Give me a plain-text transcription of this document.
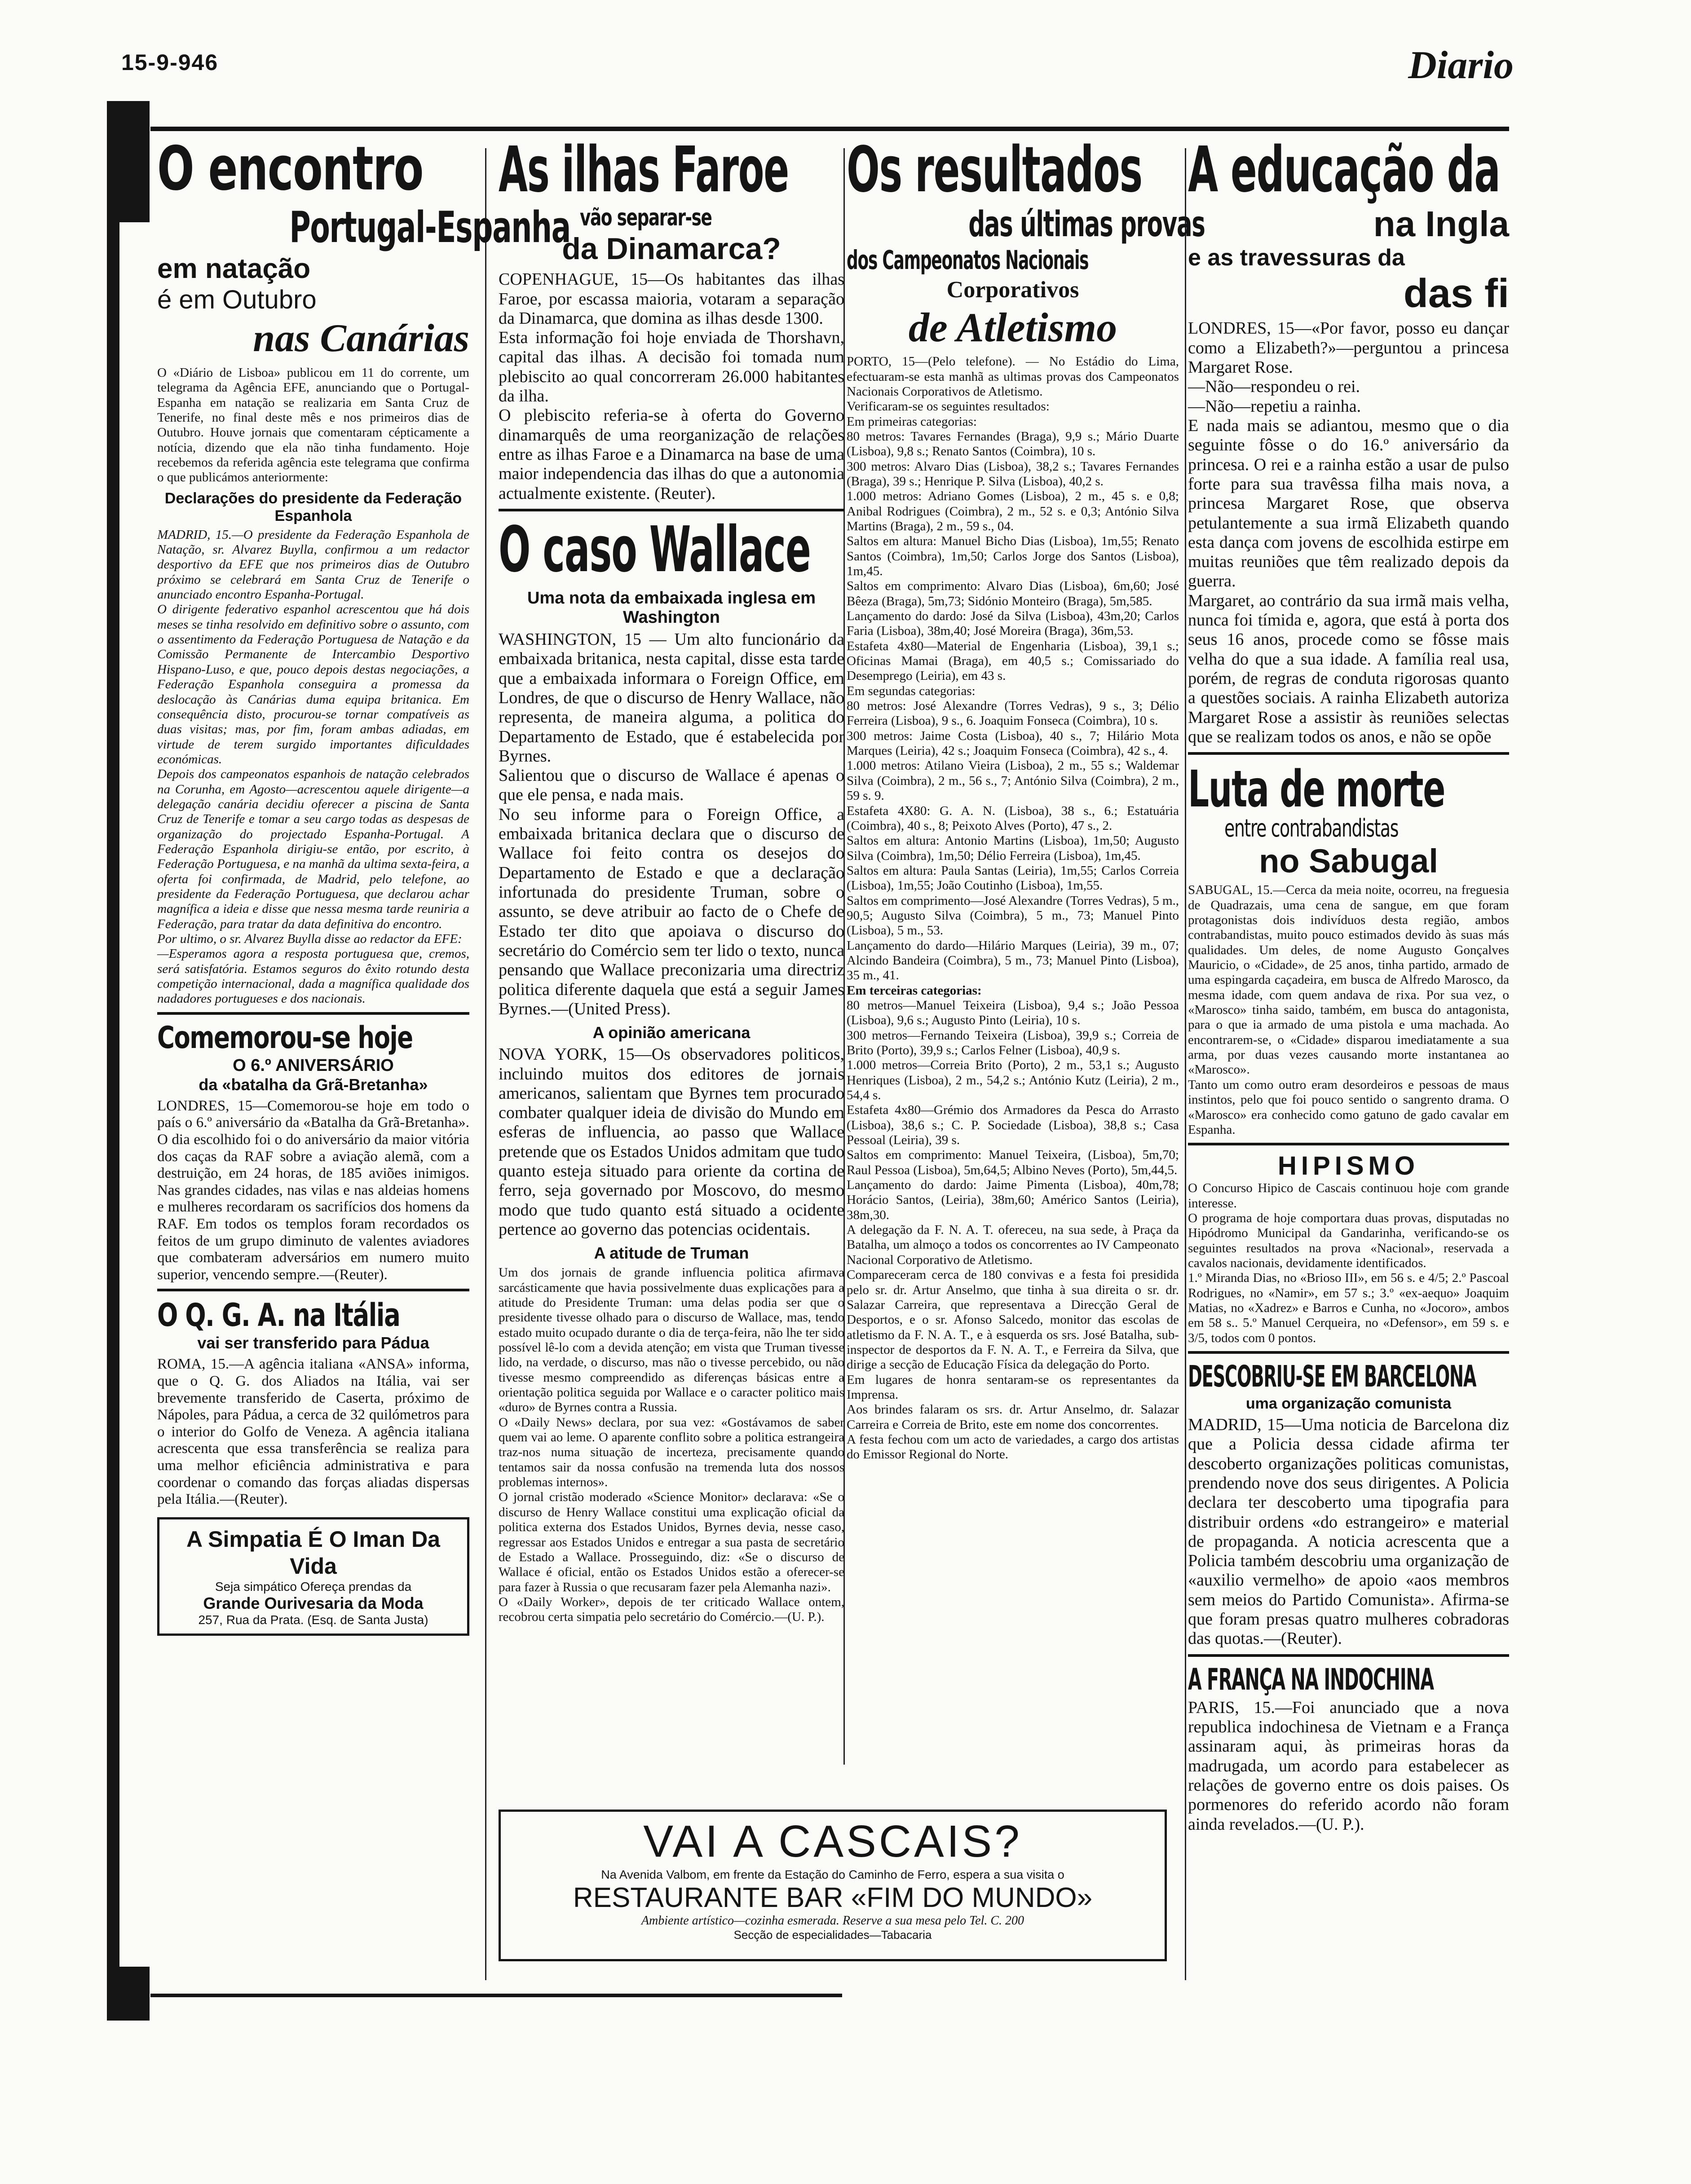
15-9-946	Diario
O encontro
Portugal-Espanha
em natação
é em Outubro
nas Canárias

O «Diário de Lisboa» publicou em 11 do corrente, um telegrama da Agência EFE, anunciando que o Portugal-Espanha em natação se realizaria em Santa Cruz de Tenerife, no final deste mês e nos primeiros dias de Outubro. Houve jornais que comentaram cépticamente a notícia, dizendo que ela não tinha fundamento. Hoje recebemos da referida agência este telegrama que confirma o que publicámos anteriormente:

Declarações do presidente da Federação Espanhola

MADRID, 15.—O presidente da Federação Espanhola de Natação, sr. Alvarez Buylla, confirmou a um redactor desportivo da EFE que nos primeiros dias de Outubro próximo se celebrará em Santa Cruz de Tenerife o anunciado encontro Espanha-Portugal.

O dirigente federativo espanhol acrescentou que há dois meses se tinha resolvido em definitivo sobre o assunto, com o assentimento da Federação Portuguesa de Natação e da Comissão Permanente de Intercambio Desportivo Hispano-Luso, e que, pouco depois destas negociações, a Federação Espanhola conseguira a promessa da deslocação às Canárias duma equipa britanica. Em consequência disto, procurou-se tornar compatíveis as duas visitas; mas, por fim, foram ambas adiadas, em virtude de terem surgido importantes dificuldades económicas.

Depois dos campeonatos espanhois de natação celebrados na Corunha, em Agosto—acrescentou aquele dirigente—a delegação canária decidiu oferecer a piscina de Santa Cruz de Tenerife e tomar a seu cargo todas as despesas de organização do projectado Espanha-Portugal. A Federação Espanhola dirigiu-se então, por escrito, à Federação Portuguesa, e na manhã da ultima sexta-feira, a oferta foi confirmada, de Madrid, pelo telefone, ao presidente da Federação Portuguesa, que declarou achar magnífica a ideia e disse que nessa mesma tarde reuniria a Federação, para tratar da data definitiva do encontro.

Por ultimo, o sr. Alvarez Buylla disse ao redactor da EFE:

—Esperamos agora a resposta portuguesa que, cremos, será satisfatória. Estamos seguros do êxito rotundo desta competição internacional, dada a magnífica qualidade dos nadadores portugueses e dos nacionais.

Comemorou-se hoje
O 6.º ANIVERSÁRIO
da «batalha da Grã-Bretanha»

LONDRES, 15—Comemorou-se hoje em todo o país o 6.º aniversário da «Batalha da Grã-Bretanha». O dia escolhido foi o do aniversário da maior vitória dos caças da RAF sobre a aviação alemã, com a destruição, em 24 horas, de 185 aviões inimigos. Nas grandes cidades, nas vilas e nas aldeias homens e mulheres recordaram os sacrifícios dos homens da RAF. Em todos os templos foram recordados os feitos de um grupo diminuto de valentes aviadores que combateram adversários em numero muito superior, vencendo sempre.—(Reuter).

O Q. G. A. na Itália
vai ser transferido para Pádua

ROMA, 15.—A agência italiana «ANSA» informa, que o Q. G. dos Aliados na Itália, vai ser brevemente transferido de Caserta, próximo de Nápoles, para Pádua, a cerca de 32 quilómetros para o interior do Golfo de Veneza. A agência italiana acrescenta que essa transferência se realiza para uma melhor eficiência administrativa e para coordenar o comando das forças aliadas dispersas pela Itália.—(Reuter).

A Simpatia É O Iman Da Vida
Seja simpático Ofereça prendas da
Grande Ourivesaria da Moda
257, Rua da Prata. (Esq. de Santa Justa)
As ilhas Faroe
vão separar-se
da Dinamarca?

COPENHAGUE, 15—Os habitantes das ilhas Faroe, por escassa maioria, votaram a separação da Dinamarca, que domina as ilhas desde 1300.

Esta informação foi hoje enviada de Thorshavn, capital das ilhas. A decisão foi tomada num plebiscito ao qual concorreram 26.000 habitantes da ilha.

O plebiscito referia-se à oferta do Governo dinamarquês de uma reorganização de relações entre as ilhas Faroe e a Dinamarca na base de uma maior independencia das ilhas do que a autonomia actualmente existente. (Reuter).

O caso Wallace
Uma nota da embaixada inglesa em Washington

WASHINGTON, 15 — Um alto funcionário da embaixada britanica, nesta capital, disse esta tarde que a embaixada informara o Foreign Office, em Londres, de que o discurso de Henry Wallace, não representa, de maneira alguma, a politica do Departamento de Estado, que é estabelecida por Byrnes.

Salientou que o discurso de Wallace é apenas o que ele pensa, e nada mais.

No seu informe para o Foreign Office, a embaixada britanica declara que o discurso de Wallace foi feito contra os desejos do Departamento de Estado e que a declaração infortunada do presidente Truman, sobre o assunto, se deve atribuir ao facto de o Chefe de Estado ter dito que apoiava o discurso do secretário do Comércio sem ter lido o texto, nunca pensando que Wallace preconizaria uma directriz politica diferente daquela que está a seguir James Byrnes.—(United Press).

A opinião americana

NOVA YORK, 15—Os observadores politicos, incluindo muitos dos editores de jornais americanos, salientam que Byrnes tem procurado combater qualquer ideia de divisão do Mundo em esferas de influencia, ao passo que Wallace pretende que os Estados Unidos admitam que tudo quanto esteja situado para oriente da cortina de ferro, seja governado por Moscovo, do mesmo modo que tudo quanto está situado a ocidente pertence ao governo das potencias ocidentais.

A atitude de Truman

Um dos jornais de grande influencia politica afirmava sarcásticamente que havia possivelmente duas explicações para a atitude do Presidente Truman: uma delas podia ser que o presidente tivesse olhado para o discurso de Wallace, mas, tendo estado muito ocupado durante o dia de terça-feira, não lhe ter sido possível lê-lo com a devida atenção; em vista que Truman tivesse lido, na verdade, o discurso, mas não o tivesse percebido, ou não tivesse mesmo compreendido as diferenças básicas entre a orientação politica seguida por Wallace e o caracter politico mais «duro» de Byrnes contra a Russia.

O «Daily News» declara, por sua vez: «Gostávamos de saber quem vai ao leme. O aparente conflito sobre a politica estrangeira traz-nos numa situação de incerteza, precisamente quando tentamos sair da nossa confusão na tremenda luta dos nossos problemas internos».

O jornal cristão moderado «Science Monitor» declarava: «Se o discurso de Henry Wallace constitui uma explicação oficial da politica externa dos Estados Unidos, Byrnes devia, nesse caso, regressar aos Estados Unidos e entregar a sua pasta de secretário de Estado a Wallace. Prosseguindo, diz: «Se o discurso de Wallace é oficial, então os Estados Unidos estão a oferecer-se para fazer à Russia o que recusaram fazer pela Alemanha nazi».

O «Daily Worker», depois de ter criticado Wallace ontem, recobrou certa simpatia pelo secretário do Comércio.—(U. P.).

Os resultados
das últimas provas
dos Campeonatos Nacionais
Corporativos
de Atletismo

PORTO, 15—(Pelo telefone). — No Estádio do Lima, efectuaram-se esta manhã as ultimas provas dos Campeonatos Nacionais Corporativos de Atletismo.

Verificaram-se os seguintes resultados:

Em primeiras categorias:

80 metros: Tavares Fernandes (Braga), 9,9 s.; Mário Duarte (Lisboa), 9,8 s.; Renato Santos (Coimbra), 10 s.

300 metros: Alvaro Dias (Lisboa), 38,2 s.; Tavares Fernandes (Braga), 39 s.; Henrique P. Silva (Lisboa), 40,2 s.

1.000 metros: Adriano Gomes (Lisboa), 2 m., 45 s. e 0,8; Anibal Rodrigues (Coimbra), 2 m., 52 s. e 0,3; António Silva Martins (Braga), 2 m., 59 s., 04.

Saltos em altura: Manuel Bicho Dias (Lisboa), 1m,55; Renato Santos (Coimbra), 1m,50; Carlos Jorge dos Santos (Lisboa), 1m,45.

Saltos em comprimento: Alvaro Dias (Lisboa), 6m,60; José Bêeza (Braga), 5m,73; Sidónio Monteiro (Braga), 5m,585.

Lançamento do dardo: José da Silva (Lisboa), 43m,20; Carlos Faria (Lisboa), 38m,40; José Moreira (Braga), 36m,53.

Estafeta 4x80—Material de Engenharia (Lisboa), 39,1 s.; Oficinas Mamai (Braga), em 40,5 s.; Comissariado do Desemprego (Leiria), em 43 s.

Em segundas categorias:

80 metros: José Alexandre (Torres Vedras), 9 s., 3; Délio Ferreira (Lisboa), 9 s., 6. Joaquim Fonseca (Coimbra), 10 s.

300 metros: Jaime Costa (Lisboa), 40 s., 7; Hilário Mota Marques (Leiria), 42 s.; Joaquim Fonseca (Coimbra), 42 s., 4.

1.000 metros: Atilano Vieira (Lisboa), 2 m., 55 s.; Waldemar Silva (Coimbra), 2 m., 56 s., 7; António Silva (Coimbra), 2 m., 59 s. 9.

Estafeta 4X80: G. A. N. (Lisboa), 38 s., 6.; Estatuária (Coimbra), 40 s., 8; Peixoto Alves (Porto), 47 s., 2.

Saltos em altura: Antonio Martins (Lisboa), 1m,50; Augusto Silva (Coimbra), 1m,50; Délio Ferreira (Lisboa), 1m,45.

Saltos em altura: Paula Santas (Leiria), 1m,55; Carlos Correia (Lisboa), 1m,55; João Coutinho (Lisboa), 1m,55.

Saltos em comprimento—José Alexandre (Torres Vedras), 5 m., 90,5; Augusto Silva (Coimbra), 5 m., 73; Manuel Pinto (Lisboa), 5 m., 53.

Lançamento do dardo—Hilário Marques (Leiria), 39 m., 07; Alcindo Bandeira (Coimbra), 5 m., 73; Manuel Pinto (Lisboa), 35 m., 41.

Em terceiras categorias:

80 metros—Manuel Teixeira (Lisboa), 9,4 s.; João Pessoa (Lisboa), 9,6 s.; Augusto Pinto (Leiria), 10 s.

300 metros—Fernando Teixeira (Lisboa), 39,9 s.; Correia de Brito (Porto), 39,9 s.; Carlos Felner (Lisboa), 40,9 s.

1.000 metros—Correia Brito (Porto), 2 m., 53,1 s.; Augusto Henriques (Lisboa), 2 m., 54,2 s.; António Kutz (Leiria), 2 m., 54,4 s.

Estafeta 4x80—Grémio dos Armadores da Pesca do Arrasto (Lisboa), 38,6 s.; C. P. Sociedade (Lisboa), 38,8 s.; Casa Pessoal (Leiria), 39 s.

Saltos em comprimento: Manuel Teixeira, (Lisboa), 5m,70; Raul Pessoa (Lisboa), 5m,64,5; Albino Neves (Porto), 5m,44,5.

Lançamento do dardo: Jaime Pimenta (Lisboa), 40m,78; Horácio Santos, (Leiria), 38m,60; Américo Santos (Leiria), 38m,30.

A delegação da F. N. A. T. ofereceu, na sua sede, à Praça da Batalha, um almoço a todos os concorrentes ao IV Campeonato Nacional Corporativo de Atletismo.

Compareceram cerca de 180 convivas e a festa foi presidida pelo sr. dr. Artur Anselmo, que tinha à sua direita o sr. dr. Salazar Carreira, que representava a Direcção Geral de Desportos, e o sr. Afonso Salcedo, monitor das escolas de atletismo da F. N. A. T., e à esquerda os srs. José Batalha, sub-inspector de desportos da F. N. A. T., e Ferreira da Silva, que dirige a secção de Educação Física da delegação do Porto.

Em lugares de honra sentaram-se os representantes da Imprensa.

Aos brindes falaram os srs. dr. Artur Anselmo, dr. Salazar Carreira e Correia de Brito, este em nome dos concorrentes.

A festa fechou com um acto de variedades, a cargo dos artistas do Emissor Regional do Norte.

VAI A CASCAIS?
Na Avenida Valbom, em frente da Estação do Caminho de Ferro, espera a sua visita o
RESTAURANTE BAR «FIM DO MUNDO»
Ambiente artístico—cozinha esmerada. Reserve a sua mesa pelo Tel. C. 200
Secção de especialidades—Tabacaria
A educação da
na Ingla
e as travessuras da
das fi

LONDRES, 15—«Por favor, posso eu dançar como a Elizabeth?»—perguntou a princesa Margaret Rose.

—Não—respondeu o rei.

—Não—repetiu a rainha.

E nada mais se adiantou, mesmo que o dia seguinte fôsse o do 16.º aniversário da princesa. O rei e a rainha estão a usar de pulso forte para sua travêssa filha mais nova, a princesa Margaret Rose, que observa petulantemente a sua irmã Elizabeth quando esta dança com jovens de escolhida estirpe em muitas reuniões que têm realizado depois da guerra.

Margaret, ao contrário da sua irmã mais velha, nunca foi tímida e, agora, que está à porta dos seus 16 anos, procede como se fôsse mais velha do que a sua idade. A família real usa, porém, de regras de conduta rigorosas quanto a questões sociais. A rainha Elizabeth autoriza Margaret Rose a assistir às reuniões selectas que se realizam todos os anos, e não se opõe

Luta de morte
entre contrabandistas
no Sabugal

SABUGAL, 15.—Cerca da meia noite, ocorreu, na freguesia de Quadrazais, uma cena de sangue, em que foram protagonistas dois indivíduos desta região, ambos contrabandistas, muito pouco estimados devido às suas más qualidades. Um deles, de nome Augusto Gonçalves Mauricio, o «Cidade», de 25 anos, tinha partido, armado de uma espingarda caçadeira, em busca de Alfredo Marosco, da mesma idade, com quem andava de rixa. Por sua vez, o «Marosco» tinha saido, também, em busca do antagonista, para o que ia armado de uma pistola e uma machada. Ao encontrarem-se, o «Cidade» disparou imediatamente a sua arma, por duas vezes causando morte instantanea ao «Marosco».

Tanto um como outro eram desordeiros e pessoas de maus instintos, pelo que foi pouco sentido o sangrento drama. O «Marosco» era conhecido como gatuno de gado cavalar em Espanha.

HIPISMO

O Concurso Hipico de Cascais continuou hoje com grande interesse.

O programa de hoje comportara duas provas, disputadas no Hipódromo Municipal da Gandarinha, verificando-se os seguintes resultados na prova «Nacional», reservada a cavalos nacionais, devidamente identificados.

1.º Miranda Dias, no «Brioso III», em 56 s. e 4/5; 2.º Pascoal Rodrigues, no «Namir», em 57 s.; 3.º «ex-aequo» Joaquim Matias, no «Xadrez» e Barros e Cunha, no «Jocoro», ambos em 58 s.. 5.º Manuel Cerqueira, no «Defensor», em 59 s. e 3/5, todos com 0 pontos.

DESCOBRIU-SE EM BARCELONA
uma organização comunista

MADRID, 15—Uma noticia de Barcelona diz que a Policia dessa cidade afirma ter descoberto organizações politicas comunistas, prendendo nove dos seus dirigentes. A Policia declara ter descoberto uma tipografia para distribuir ordens «do estrangeiro» e material de propaganda. A noticia acrescenta que a Policia também descobriu uma organização de «auxilio vermelho» de apoio «aos membros sem meios do Partido Comunista». Afirma-se que foram presas quatro mulheres cobradoras das quotas.—(Reuter).

A FRANÇA NA INDOCHINA

PARIS, 15.—Foi anunciado que a nova republica indochinesa de Vietnam e a França assinaram aqui, às primeiras horas da madrugada, um acordo para estabelecer as relações de governo entre os dois paises. Os pormenores do referido acordo não foram ainda revelados.—(U. P.).
